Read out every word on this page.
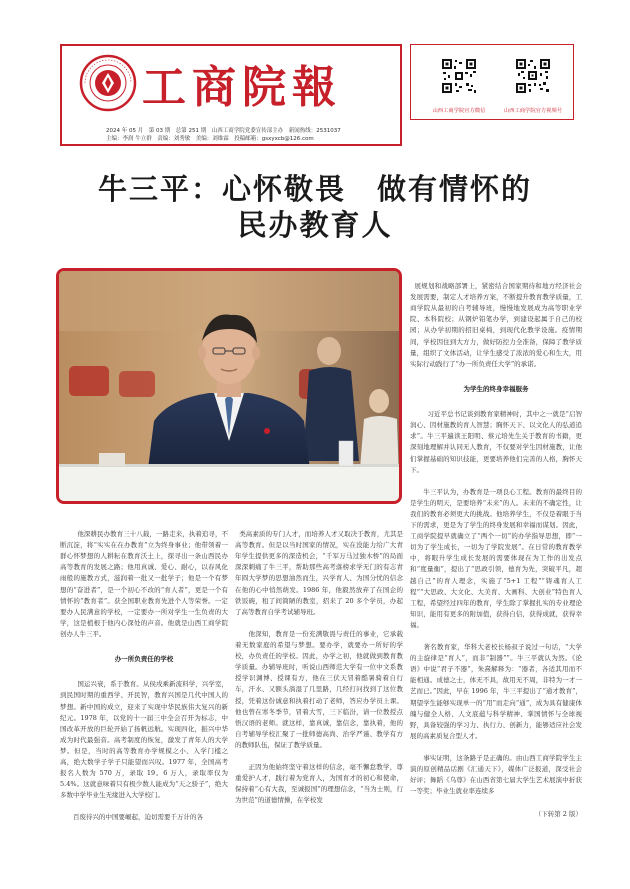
工商院報
2024 年 05 月　第 03 期　总第 251 期　山西工商学院党委宣传部主办　新闻热线：2531037
主编：李润 牛立群　责编：刘秀敏　美编：刘维霖　投稿邮箱：gsxyxcb@126.com
山西工商学院官方微信	山西工商学院官方视频号
牛三平：心怀敬畏　做有情怀的
民办教育人

　　他深耕民办教育三十八载，一路走来，执着追寻，不断沉淀，将“实实在在办教育”立为终身事业；他带领着一群心怀梦想的人耕耘在教育沃土上，探寻出一条山西民办高等教育的发展之路；他用真诚、爱心、耐心，以春风化雨般的施教方式，滋润着一批又一批学子；他是一个有梦想的“奋进者”，是一个初心不改的“育人者”，更是一个有情怀的“教育者”。获全国职业教育先进个人等荣誉。一定要办人民满意的学校，一定要办一所对学生一生负责的大学，这是植根于他内心深处的声音。他就是山西工商学院创办人牛三平。

办一所负责任的学校

　　国运兴衰，系于教育。从侯戌乘新流料学，兴学室，到民国时期的重西学、开民智，教育兴国是几代中国人的梦想。新中国的成立，迎来了实现中华民族伟大复兴的新纪元。1978 年，以党的十一届三中全会召开为标志，中国改革开放的巨轮开始了扬帆远航。实现四化，振兴中华成为时代最强音。高考制度的恢复，激发了青年人的大学梦。但是，当时的高等教育办学规模之小、入学门槛之高，绝大数学子学子只能望而兴叹。1977 年，全国高考报名人数为 570 万，录取 19。6 万人，录取率仅为 5.4%。这就意味着只有极少数人能成为“天之骄子”，绝大多数中学毕业生无缘进入大学校门。

　　百废待兴的中国要崛起，迫切需要千万计的各

类高素质的专门人才，而培养人才又取决于教育，尤其是高等教育。但是以当时国家的情况，实在没能力给广大青年学生提供更多的深造机会，“千军万马过独木桥”的局面深深刺痛了牛三平，帮助那些高考落榜求学无门的有志青年圆大学梦的思想油然而生，兴学育人、为国分忧的信念在他的心中悄然萌发。1986 年，他毅然放弃了在国企的铁饭碗，租了间简陋的教室，招来了 20 多个学员，办起了高等教育自学考试辅导班。

　　他深知，教育是一份充满敬畏与责任的事业，它承载着无数家庭的希望与梦想。要办学，就要办一所好的学校，办负责任的学校。因此，办学之初，他就做到教育教学质量。办辅导班时，听说山西师范大学有一位中文系教授学识渊博、授课有方，他在三伏天冒着酷暑骑着自行车，汗水、又额头淌湿了几里路，几经打问找到了这位教授，凭着这份诚意和执着打动了老师，答应办学员上课。他也曾在寒冬季节，冒着大雪，三下临汾，请一位教授点悟汉语的老师。就这样，靠真诚，靠信念，靠执着，他的自考辅导学校汇聚了一批师德高尚、治学严谨、教学有方的教师队伍，保证了教学质量。

　　正因为他始终坚守着这样的信念，毫不懈怠教学，尊重爱护人才，践行着为党育人，为国育才的初心和使命，保持着“心有大我，至诚报国”的理想信念，“当为士则，行为世范”的道德情操，在学校发

展规划和战略部署上，紧密结合国家期待和地方经济社会发展需要，制定人才培养方案，不断提升教育教学质量，工商学院从最初的自考辅导班，慢慢地发展成为高等职业学院、本科院校；从钢炉铅笔办学，到建设起属于自己的校园；从办学初期的招旧桌椅，到现代化教学设施。疫情期间，学校因住到大方力，做好防控力全准备，保障了教学质量，组织了文体活动，让学生感受了浓浓的爱心和生大，用实际行动践行了“办一所负责任大学”的承诺。

为学生的终身幸福服务

　　习近平总书记谈到教育家精神时，其中之一就是“启智润心、因材施教的育人智慧；胸怀天下、以文化人的弘道追求”。牛三平遍读王阳明、蔡元培先生关于教育的书籍，更深刻地理解并认同无人教育，不仅要对学生因材施教，让他们掌握基础的知识技能，更要培养他们完善的人格，胸怀天下。

　　牛三平认为，办教育是一项良心工程。教育的最终目的是学生的明天，是要培养“未来”的人。未来的不确定性，让我们的教育必须更大的挑战。他培养学生，不仅是着眼于当下的需求，更是为了学生的终身发展和幸福而谋划。因此，工商学院提早就确立了“两个一切”的办学指导思想，即“一切为了学生成长，一切为了学院发展”。在日常的教育教学中，将眼升学生成长发展的需要体现在为工作的出发点和“度量衡”，提出了“思政引领，德育为先，突破平凡，超越自己”的育人理念，实施了“5+1 工程”“铸魂育人工程”“大思政、大文化、大美育、大画科、大创业”特色育人工程，希望经过四年的教育，学生除了掌握扎实的专业理论知识，能用有更多的附加值，获得自信，获得成就，获得幸福。

　　著名教育家，华科大老校长杨叔子说过一句话，“大学的主旋律是“育人”，而非“制器””。牛三平就认为然。《论语》中说“君子不器”，朱熹解释为：“器者，各适其用而不能相通。成德之士，体无不具，故用无不周，非特为一才一艺而已。”因此，早在 1996 年，牛三平提出了“通才教育”，期望学生能够实现单一的“用”而走向“通”，成为具有健康体魄与健全人格、人文底蕴与科学精神、掌国情怀与全球视野，具备较强的学习力、执行力、创新力，能够适应社会发展的高素质复合型人才。

　　事实证明，这条路子是正确的。由山西工商学院学生主演的原创精品话剧《汇通天下》，媒体广泛报道，深受社会好评；舞蹈《乌尊》在山西省第七届大学生艺术展演中折获一等奖；毕业生就业率连续多

（下转第 2 版）
